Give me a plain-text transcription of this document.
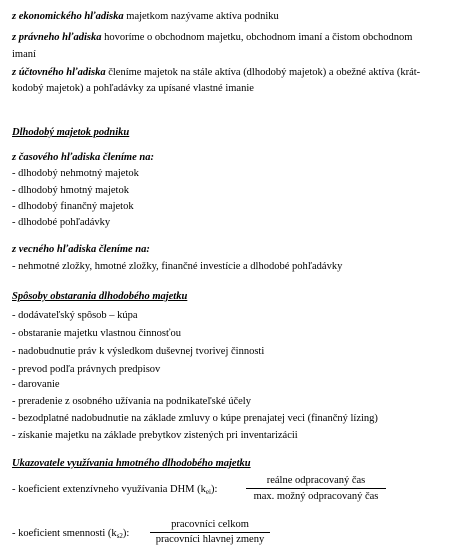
z ekonomického hľadiska majetkom nazývame aktíva podniku
z právneho hľadiska hovoríme o obchodnom majetku, obchodnom imaní a čistom obchodnom
imaní
z účtovného hľadiska členíme majetok na stále aktíva (dlhodobý majetok) a obežné aktíva (krát-
kodobý majetok) a pohľadávky za upísané vlastné imanie
Dlhodobý majetok podniku
z časového hľadiska členíme na:
- dlhodobý nehmotný majetok
- dlhodobý hmotný majetok
- dlhodobý finančný majetok
- dlhodobé pohľadávky
z vecného hľadiska členíme na:
- nehmotné zložky, hmotné zložky, finančné investície a dlhodobé pohľadávky
Spôsoby obstarania dlhodobého majetku
- dodávateľský spôsob – kúpa
- obstaranie majetku vlastnou činnosťou
- nadobudnutie práv k výsledkom duševnej tvorivej činnosti
- prevod podľa právnych predpisov
- darovanie
- preradenie z osobného užívania na podnikateľské účely
- bezodplatné nadobudnutie na základe zmluvy o kúpe prenajatej veci (finančný lízing)
- získanie majetku na základe prebytkov zistených pri inventarizácii
Ukazovatele využívania hmotného dlhodobého majetku
- koeficient extenzívneho využívania DHM $(k_{ei})$:
reálne odpracovaný čas
max. možný odpracovaný čas
- koeficient smennosti $(k_{s2})$:
pracovníci celkom
pracovníci hlavnej zmeny
